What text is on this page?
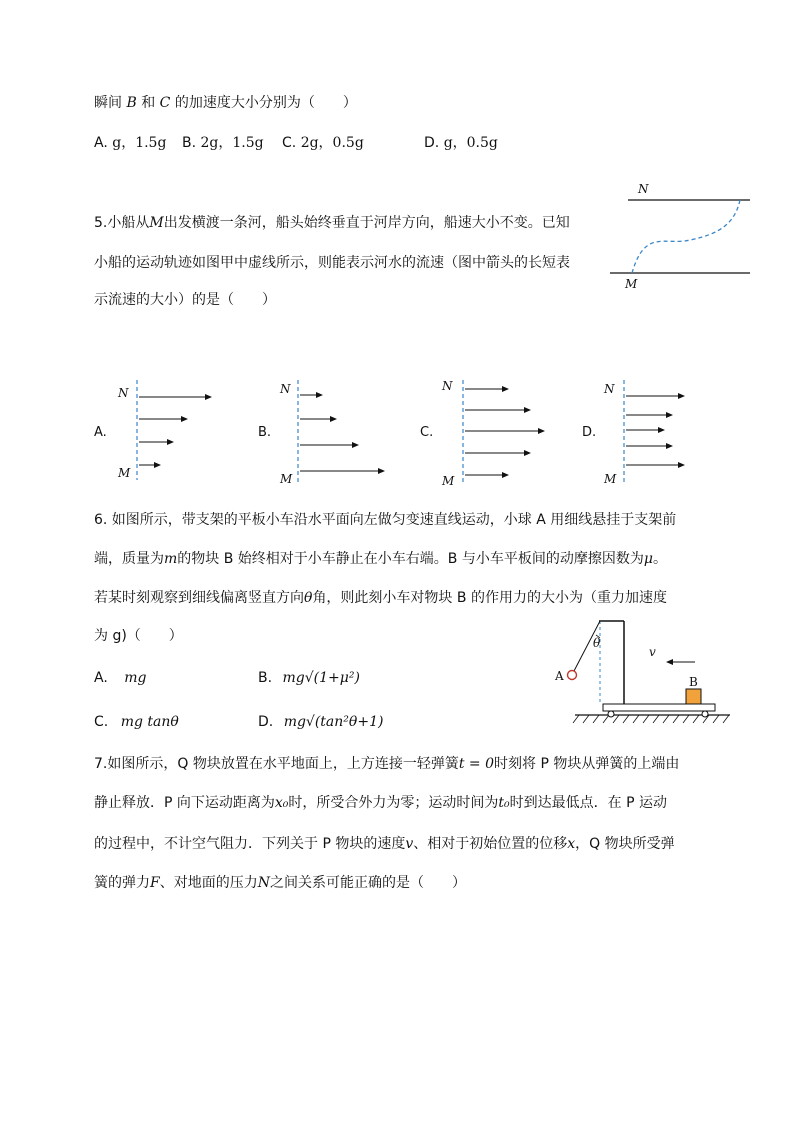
瞬间 B 和 C 的加速度大小分别为（　　）
A. g，1.5g B. 2g，1.5g C. 2g，0.5g	D. g，0.5g
5.小船从M出发横渡一条河，船头始终垂直于河岸方向，船速大小不变。已知
小船的运动轨迹如图甲中虚线所示，则能表示河水的流速（图中箭头的长短表
示流速的大小）的是（　　）
N
M
A.
N
M
B.
N
M
C.
N
M
D.
N
M
6. 如图所示，带支架的平板小车沿水平面向左做匀变速直线运动，小球 A 用细线悬挂于支架前
端，质量为m的物块 B 始终相对于小车静止在小车右端。B 与小车平板间的动摩擦因数为μ。
若某时刻观察到细线偏离竖直方向θ角，则此刻小车对物块 B 的作用力的大小为（重力加速度
为 g)（　　）
A. mg	B. mg√(1+μ²)
C. mg tanθ	D. mg√(tan²θ+1)
θ
A	B
v
7.如图所示，Q 物块放置在水平地面上，上方连接一轻弹簧t = 0时刻将 P 物块从弹簧的上端由
静止释放．P 向下运动距离为x₀时，所受合外力为零；运动时间为t₀时到达最低点．在 P 运动
的过程中，不计空气阻力．下列关于 P 物块的速度v、相对于初始位置的位移x，Q 物块所受弹
簧的弹力F、对地面的压力N之间关系可能正确的是（　　）
